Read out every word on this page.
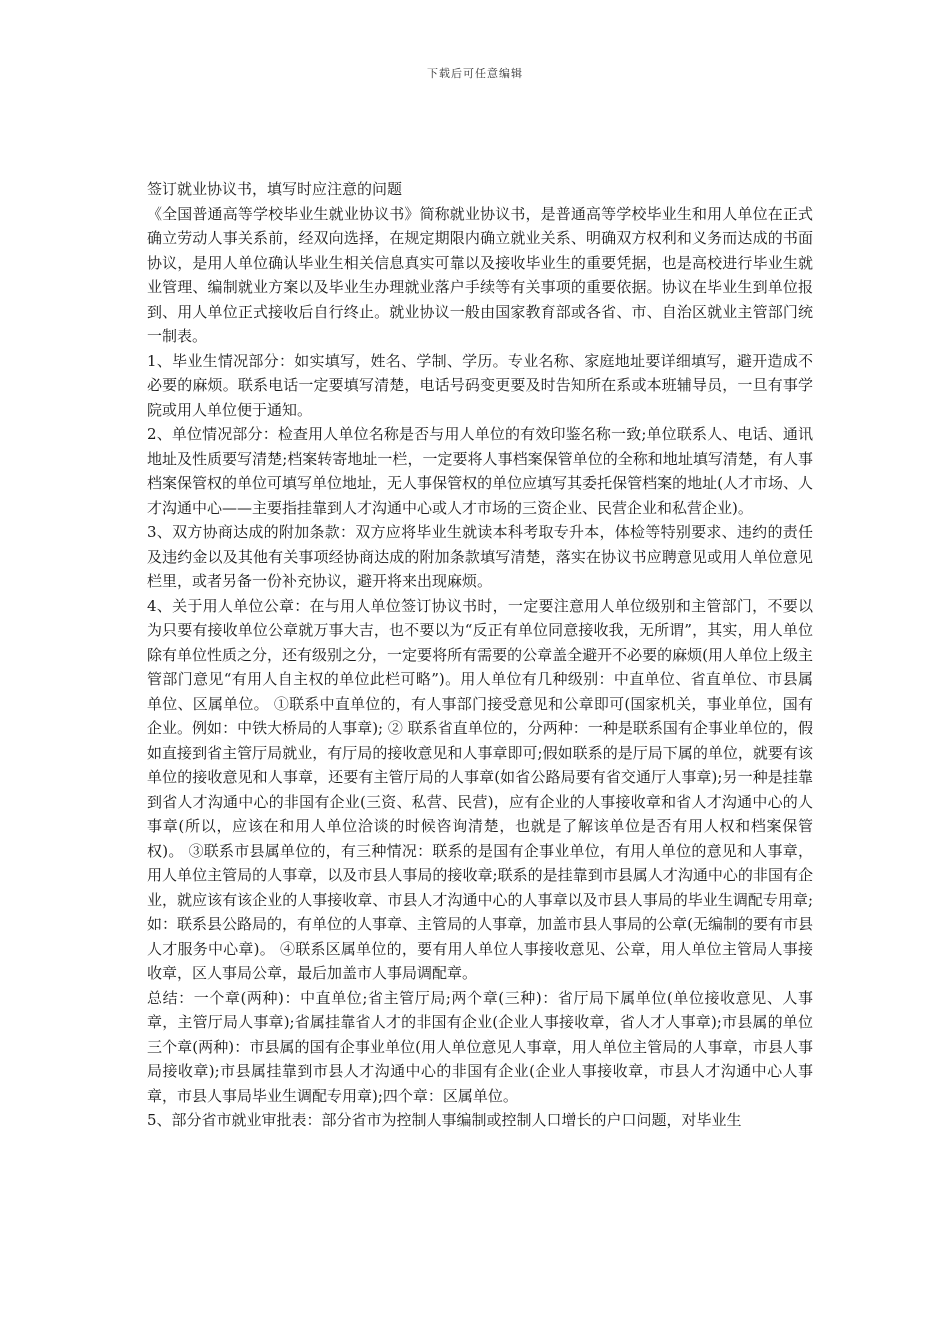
下载后可任意编辑

签订就业协议书，填写时应注意的问题

《全国普通高等学校毕业生就业协议书》简称就业协议书，是普通高等学校毕业生和用人单位在正式确立劳动人事关系前，经双向选择，在规定期限内确立就业关系、明确双方权利和义务而达成的书面协议，是用人单位确认毕业生相关信息真实可靠以及接收毕业生的重要凭据，也是高校进行毕业生就业管理、编制就业方案以及毕业生办理就业落户手续等有关事项的重要依据。协议在毕业生到单位报到、用人单位正式接收后自行终止。就业协议一般由国家教育部或各省、市、自治区就业主管部门统一制表。

1、毕业生情况部分：如实填写，姓名、学制、学历。专业名称、家庭地址要详细填写，避开造成不必要的麻烦。联系电话一定要填写清楚，电话号码变更要及时告知所在系或本班辅导员，一旦有事学院或用人单位便于通知。

2、单位情况部分：检查用人单位名称是否与用人单位的有效印鉴名称一致;单位联系人、电话、通讯地址及性质要写清楚;档案转寄地址一栏，一定要将人事档案保管单位的全称和地址填写清楚，有人事档案保管权的单位可填写单位地址，无人事保管权的单位应填写其委托保管档案的地址(人才市场、人才沟通中心——主要指挂靠到人才沟通中心或人才市场的三资企业、民营企业和私营企业)。

3、双方协商达成的附加条款：双方应将毕业生就读本科考取专升本，体检等特别要求、违约的责任及违约金以及其他有关事项经协商达成的附加条款填写清楚，落实在协议书应聘意见或用人单位意见栏里，或者另备一份补充协议，避开将来出现麻烦。

4、关于用人单位公章：在与用人单位签订协议书时，一定要注意用人单位级别和主管部门，不要以为只要有接收单位公章就万事大吉，也不要以为“反正有单位同意接收我，无所谓”，其实，用人单位除有单位性质之分，还有级别之分，一定要将所有需要的公章盖全避开不必要的麻烦(用人单位上级主管部门意见“有用人自主权的单位此栏可略”)。用人单位有几种级别：中直单位、省直单位、市县属单位、区属单位。 ①联系中直单位的，有人事部门接受意见和公章即可(国家机关，事业单位，国有企业。例如：中铁大桥局的人事章); ② 联系省直单位的，分两种：一种是联系国有企事业单位的，假如直接到省主管厅局就业，有厅局的接收意见和人事章即可;假如联系的是厅局下属的单位，就要有该单位的接收意见和人事章，还要有主管厅局的人事章(如省公路局要有省交通厅人事章);另一种是挂靠到省人才沟通中心的非国有企业(三资、私营、民营)，应有企业的人事接收章和省人才沟通中心的人事章(所以，应该在和用人单位洽谈的时候咨询清楚，也就是了解该单位是否有用人权和档案保管权)。 ③联系市县属单位的，有三种情况：联系的是国有企事业单位，有用人单位的意见和人事章，用人单位主管局的人事章，以及市县人事局的接收章;联系的是挂靠到市县属人才沟通中心的非国有企业，就应该有该企业的人事接收章、市县人才沟通中心的人事章以及市县人事局的毕业生调配专用章;如：联系县公路局的，有单位的人事章、主管局的人事章，加盖市县人事局的公章(无编制的要有市县人才服务中心章)。 ④联系区属单位的，要有用人单位人事接收意见、公章，用人单位主管局人事接收章，区人事局公章，最后加盖市人事局调配章。

总结：一个章(两种)：中直单位;省主管厅局;两个章(三种)：省厅局下属单位(单位接收意见、人事章，主管厅局人事章);省属挂靠省人才的非国有企业(企业人事接收章，省人才人事章);市县属的单位三个章(两种)：市县属的国有企事业单位(用人单位意见人事章，用人单位主管局的人事章，市县人事局接收章);市县属挂靠到市县人才沟通中心的非国有企业(企业人事接收章，市县人才沟通中心人事章，市县人事局毕业生调配专用章);四个章：区属单位。

5、部分省市就业审批表：部分省市为控制人事编制或控制人口增长的户口问题，对毕业生
